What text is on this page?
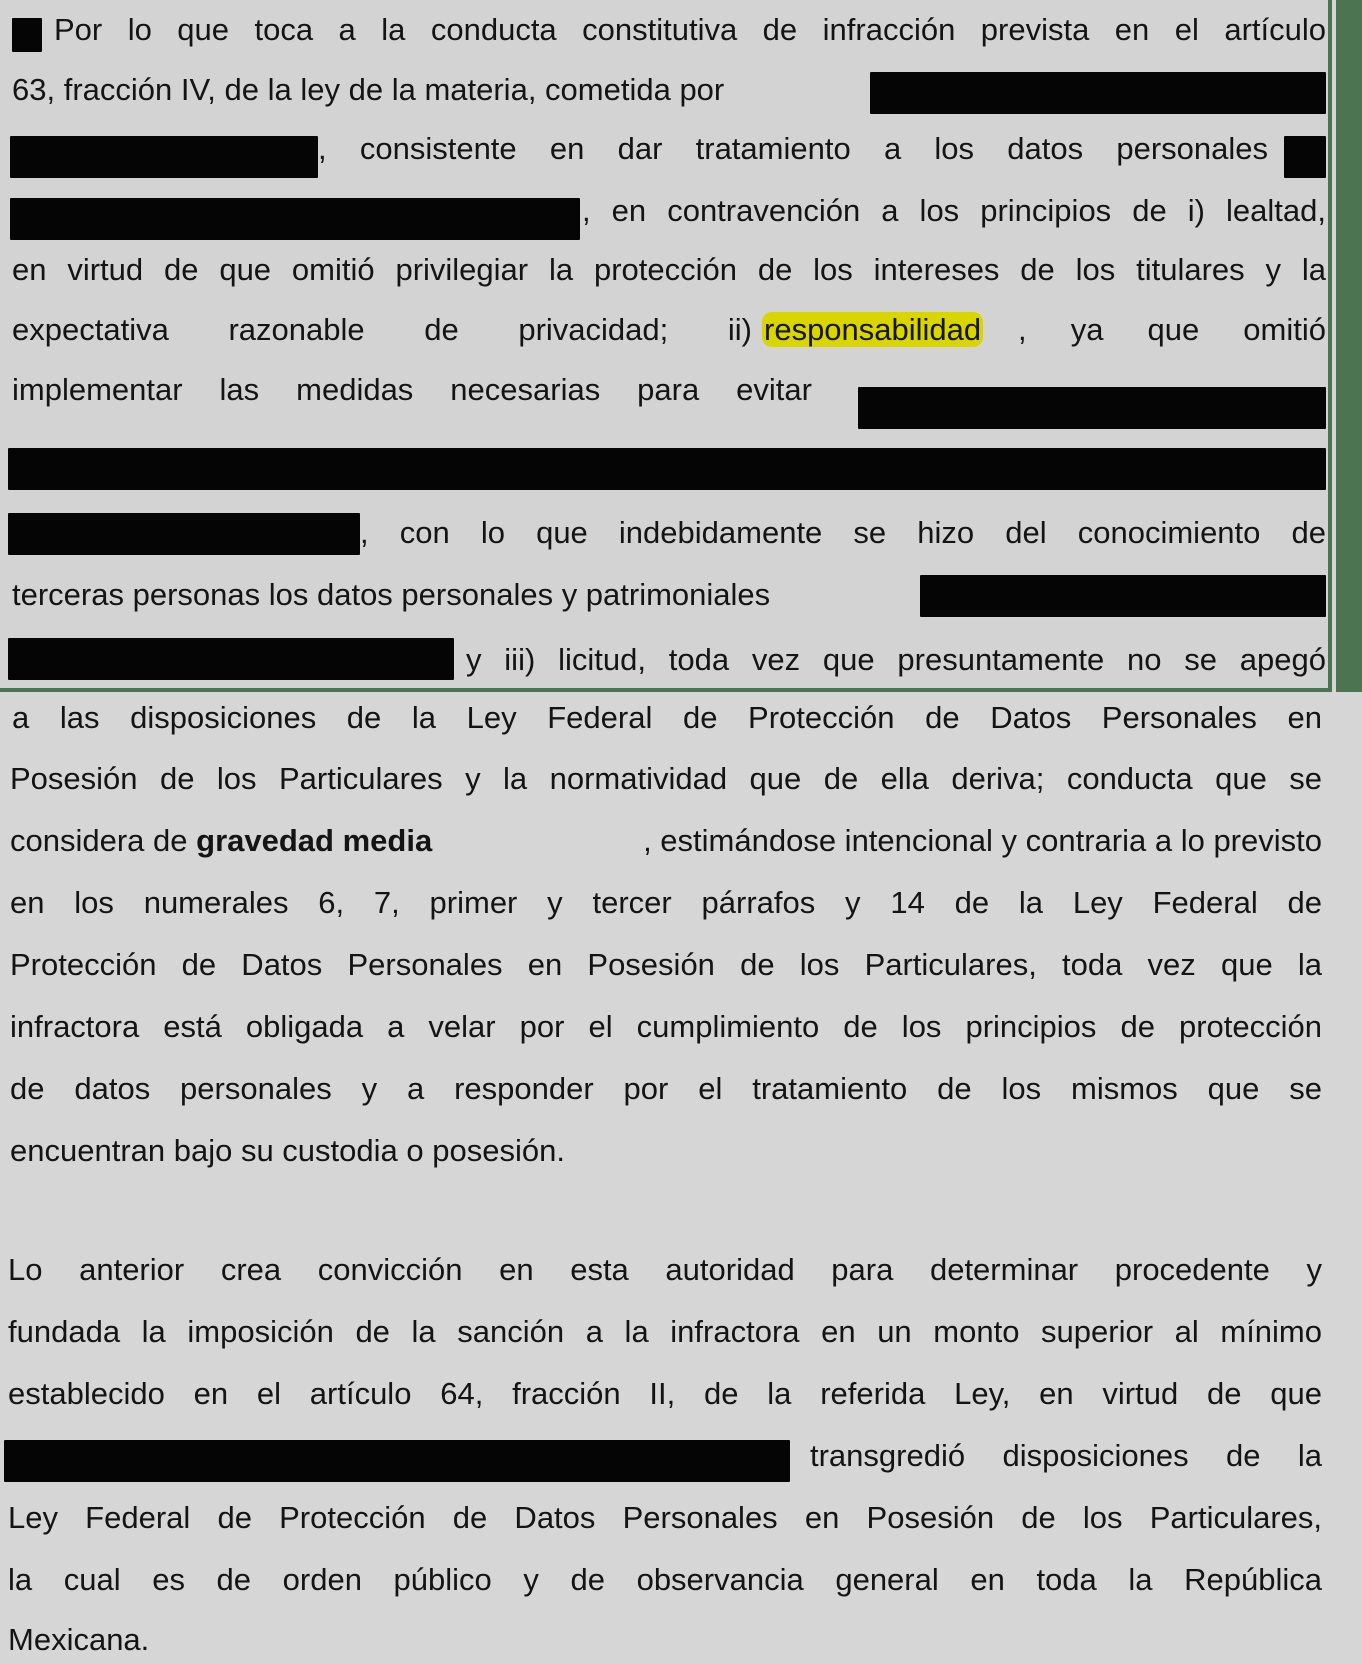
Por lo que toca a la conducta constitutiva de infracción prevista en el artículo
63, fracción IV, de la ley de la materia, cometida por
, consistente en dar tratamiento a los datos personales
, en contravención a los principios de i) lealtad,
en virtud de que omitió privilegiar la protección de los intereses de los titulares y la
expectativa razonable de privacidad; ii) responsabilidad , ya que omitió
implementar las medidas necesarias para evitar
, con lo que indebidamente se hizo del conocimiento de
terceras personas los datos personales y patrimoniales
y iii) licitud, toda vez que presuntamente no se apegó
a las disposiciones de la Ley Federal de Protección de Datos Personales en
Posesión de los Particulares y la normatividad que de ella deriva; conducta que se
considera de gravedad media	, estimándose intencional y contraria a lo previsto
en los numerales 6, 7, primer y tercer párrafos y 14 de la Ley Federal de
Protección de Datos Personales en Posesión de los Particulares, toda vez que la
infractora está obligada a velar por el cumplimiento de los principios de protección
de datos personales y a responder por el tratamiento de los mismos que se
encuentran bajo su custodia o posesión.
Lo anterior crea convicción en esta autoridad para determinar procedente y
fundada la imposición de la sanción a la infractora en un monto superior al mínimo
establecido en el artículo 64, fracción II, de la referida Ley, en virtud de que
transgredió disposiciones de la
Ley Federal de Protección de Datos Personales en Posesión de los Particulares,
la cual es de orden público y de observancia general en toda la República
Mexicana.
